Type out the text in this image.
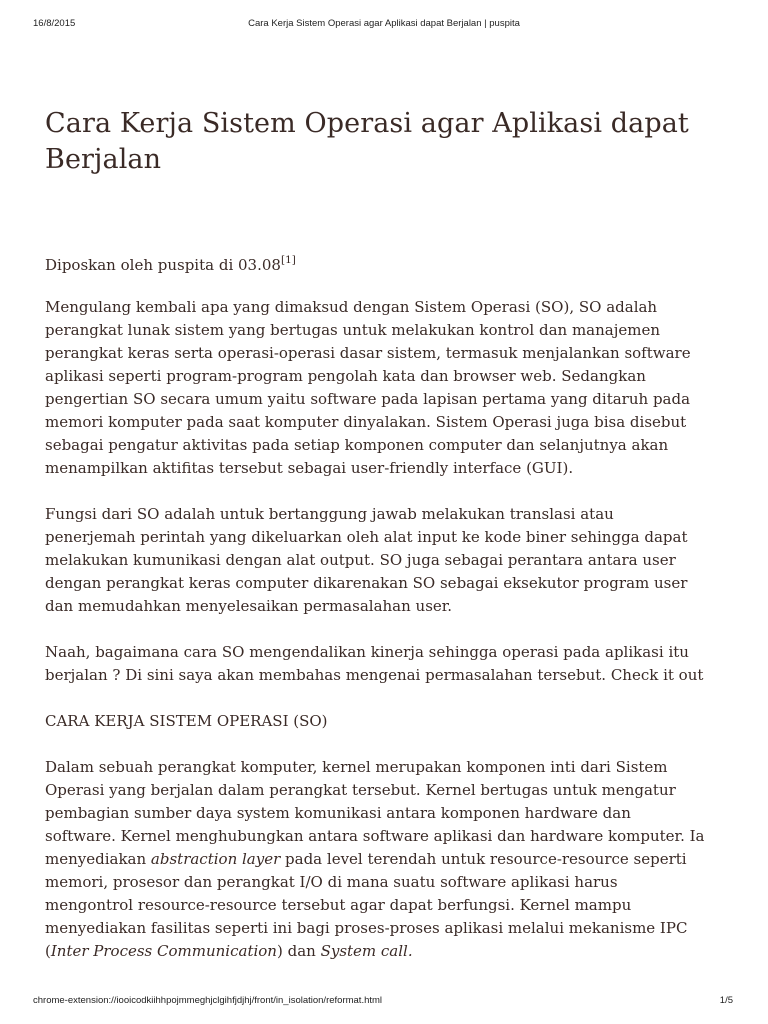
16/8/2015	Cara Kerja Sistem Operasi agar Aplikasi dapat Berjalan | puspita
Cara Kerja Sistem Operasi agar Aplikasi dapat Berjalan
Diposkan oleh puspita di 03.08[1]

Mengulang kembali apa yang dimaksud dengan Sistem Operasi (SO), SO adalah perangkat lunak sistem yang bertugas untuk melakukan kontrol dan manajemen perangkat keras serta operasi-operasi dasar sistem, termasuk menjalankan software aplikasi seperti program-program pengolah kata dan browser web. Sedangkan pengertian SO secara umum yaitu software pada lapisan pertama yang ditaruh pada memori komputer pada saat komputer dinyalakan. Sistem Operasi juga bisa disebut sebagai pengatur aktivitas pada setiap komponen computer dan selanjutnya akan menampilkan aktifitas tersebut sebagai user-friendly interface (GUI).

Fungsi dari SO adalah untuk bertanggung jawab melakukan translasi atau penerjemah perintah yang dikeluarkan oleh alat input ke kode biner sehingga dapat melakukan kumunikasi dengan alat output. SO juga sebagai perantara antara user dengan perangkat keras computer dikarenakan SO sebagai eksekutor program user dan memudahkan menyelesaikan permasalahan user.

Naah, bagaimana cara SO mengendalikan kinerja sehingga operasi pada aplikasi itu berjalan ? Di sini saya akan membahas mengenai permasalahan tersebut. Check it out

CARA KERJA SISTEM OPERASI (SO)

Dalam sebuah perangkat komputer, kernel merupakan komponen inti dari Sistem Operasi yang berjalan dalam perangkat tersebut. Kernel bertugas untuk mengatur pembagian sumber daya system komunikasi antara komponen hardware dan software. Kernel menghubungkan antara software aplikasi dan hardware komputer. Ia menyediakan abstraction layer pada level terendah untuk resource-resource seperti memori, prosesor dan perangkat I/O di mana suatu software aplikasi harus mengontrol resource-resource tersebut agar dapat berfungsi. Kernel mampu menyediakan fasilitas seperti ini bagi proses-proses aplikasi melalui mekanisme IPC (Inter Process Communication) dan System call.

chrome-extension://iooicodkiihhpojmmeghjclgihfjdjhj/front/in_isolation/reformat.html	1/5
